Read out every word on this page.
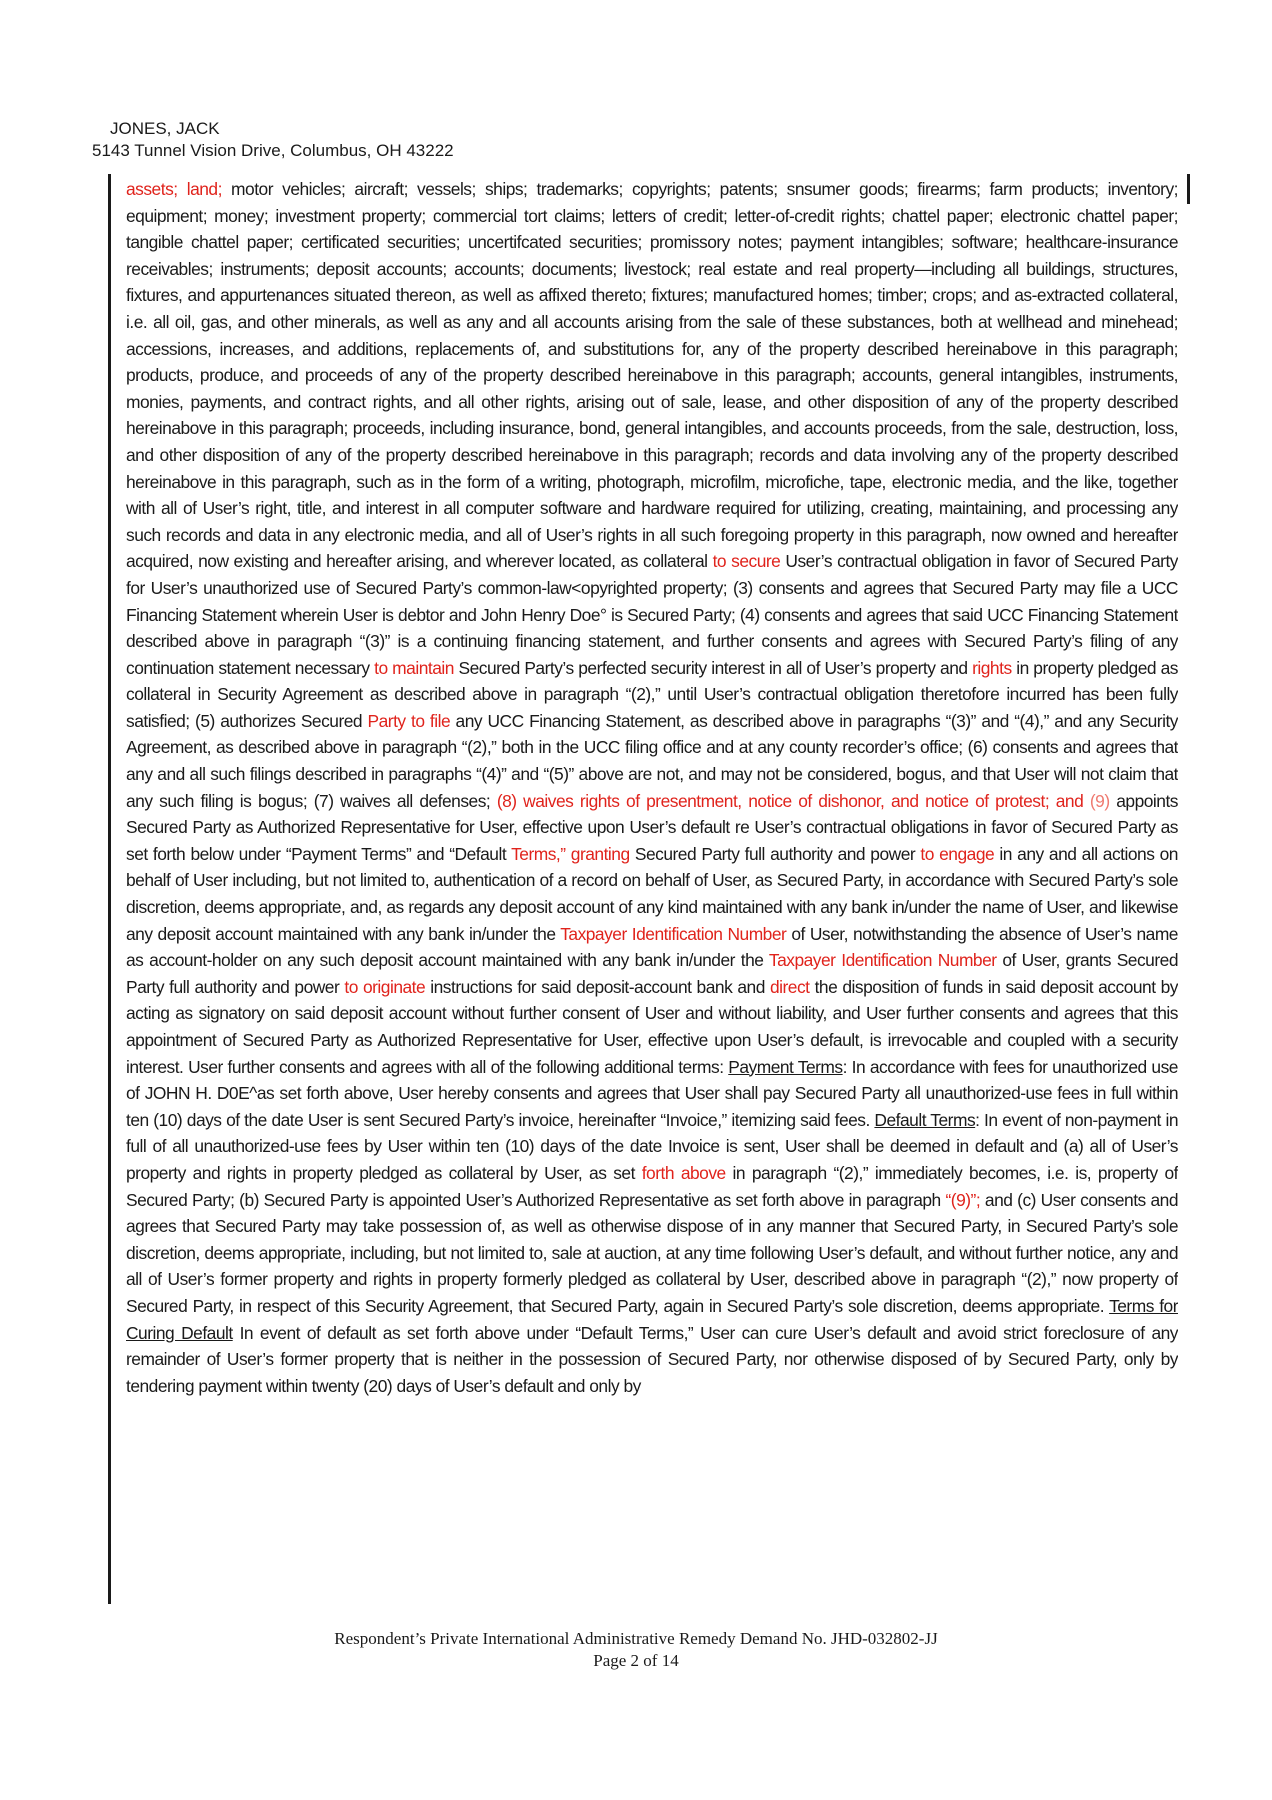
JONES, JACK
5143 Tunnel Vision Drive, Columbus, OH 43222
assets; land; motor vehicles; aircraft; vessels; ships; trademarks; copyrights; patents; snsumer goods; firearms; farm products; inventory; equipment; money; investment property; commercial tort claims; letters of credit; letter-of-credit rights; chattel paper; electronic chattel paper; tangible chattel paper; certificated securities; uncertifcated securities; promissory notes; payment intangibles; software; healthcare-insurance receivables; instruments; deposit accounts; accounts; documents; livestock; real estate and real property—including all buildings, structures, fixtures, and appurtenances situated thereon, as well as affixed thereto; fixtures; manufactured homes; timber; crops; and as-extracted collateral, i.e. all oil, gas, and other minerals, as well as any and all accounts arising from the sale of these substances, both at wellhead and minehead; accessions, increases, and additions, replacements of, and substitutions for, any of the property described hereinabove in this paragraph; products, produce, and proceeds of any of the property described hereinabove in this paragraph; accounts, general intangibles, instruments, monies, payments, and contract rights, and all other rights, arising out of sale, lease, and other disposition of any of the property described hereinabove in this paragraph; proceeds, including insurance, bond, general intangibles, and accounts proceeds, from the sale, destruction, loss, and other disposition of any of the property described hereinabove in this paragraph; records and data involving any of the property described hereinabove in this paragraph, such as in the form of a writing, photograph, microfilm, microfiche, tape, electronic media, and the like, together with all of User’s right, title, and interest in all computer software and hardware required for utilizing, creating, maintaining, and processing any such records and data in any electronic media, and all of User’s rights in all such foregoing property in this paragraph, now owned and hereafter acquired, now existing and hereafter arising, and wherever located, as collateral to secure User’s contractual obligation in favor of Secured Party for User’s unauthorized use of Secured Party’s common-law<opyrighted property; (3) consents and agrees that Secured Party may file a UCC Financing Statement wherein User is debtor and John Henry Doe° is Secured Party; (4) consents and agrees that said UCC Financing Statement described above in paragraph “(3)” is a continuing financing statement, and further consents and agrees with Secured Party’s filing of any continuation statement necessary to maintain Secured Party’s perfected security interest in all of User’s property and rights in property pledged as collateral in Security Agreement as described above in paragraph “(2),” until User’s contractual obligation theretofore incurred has been fully satisfied; (5) authorizes Secured Party to file any UCC Financing Statement, as described above in paragraphs “(3)” and “(4),” and any Security Agreement, as described above in paragraph “(2),” both in the UCC filing office and at any county recorder’s office; (6) consents and agrees that any and all such filings described in paragraphs “(4)” and “(5)” above are not, and may not be considered, bogus, and that User will not claim that any such filing is bogus; (7) waives all defenses; (8) waives rights of presentment, notice of dishonor, and notice of protest; and (9) appoints Secured Party as Authorized Representative for User, effective upon User’s default re User’s contractual obligations in favor of Secured Party as set forth below under “Payment Terms” and “Default Terms,” granting Secured Party full authority and power to engage in any and all actions on behalf of User including, but not limited to, authentication of a record on behalf of User, as Secured Party, in accordance with Secured Party’s sole discretion, deems appropriate, and, as regards any deposit account of any kind maintained with any bank in/under the name of User, and likewise any deposit account maintained with any bank in/under the Taxpayer Identification Number of User, notwithstanding the absence of User’s name as account-holder on any such deposit account maintained with any bank in/under the Taxpayer Identification Number of User, grants Secured Party full authority and power to originate instructions for said deposit-account bank and direct the disposition of funds in said deposit account by acting as signatory on said deposit account without further consent of User and without liability, and User further consents and agrees that this appointment of Secured Party as Authorized Representative for User, effective upon User’s default, is irrevocable and coupled with a security interest. User further consents and agrees with all of the following additional terms: Payment Terms: In accordance with fees for unauthorized use of JOHN H. D0E^as set forth above, User hereby consents and agrees that User shall pay Secured Party all unauthorized-use fees in full within ten (10) days of the date User is sent Secured Party’s invoice, hereinafter “Invoice,” itemizing said fees. Default Terms: In event of non-payment in full of all unauthorized-use fees by User within ten (10) days of the date Invoice is sent, User shall be deemed in default and (a) all of User’s property and rights in property pledged as collateral by User, as set forth above in paragraph “(2),” immediately becomes, i.e. is, property of Secured Party; (b) Secured Party is appointed User’s Authorized Representative as set forth above in paragraph “(9)”; and (c) User consents and agrees that Secured Party may take possession of, as well as otherwise dispose of in any manner that Secured Party, in Secured Party’s sole discretion, deems appropriate, including, but not limited to, sale at auction, at any time following User’s default, and without further notice, any and all of User’s former property and rights in property formerly pledged as collateral by User, described above in paragraph “(2),” now property of Secured Party, in respect of this Security Agreement, that Secured Party, again in Secured Party’s sole discretion, deems appropriate. Terms for Curing Default In event of default as set forth above under “Default Terms,” User can cure User’s default and avoid strict foreclosure of any remainder of User’s former property that is neither in the possession of Secured Party, nor otherwise disposed of by Secured Party, only by tendering payment within twenty (20) days of User’s default and only by
Respondent’s Private International Administrative Remedy Demand No. JHD-032802-JJ
Page 2 of 14
